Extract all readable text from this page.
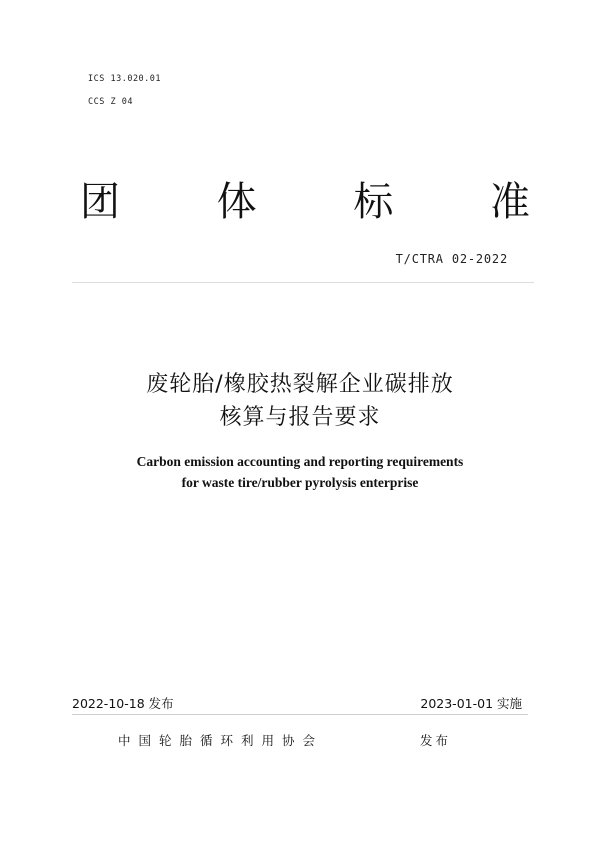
ICS 13.020.01
CCS Z 04
团 体 标 准
T/CTRA 02-2022
废轮胎/橡胶热裂解企业碳排放
核算与报告要求
Carbon emission accounting and reporting requirements
for waste tire/rubber pyrolysis enterprise
2022-10-18 发布	2023-01-01 实施
中国轮胎循环利用协会	发布
